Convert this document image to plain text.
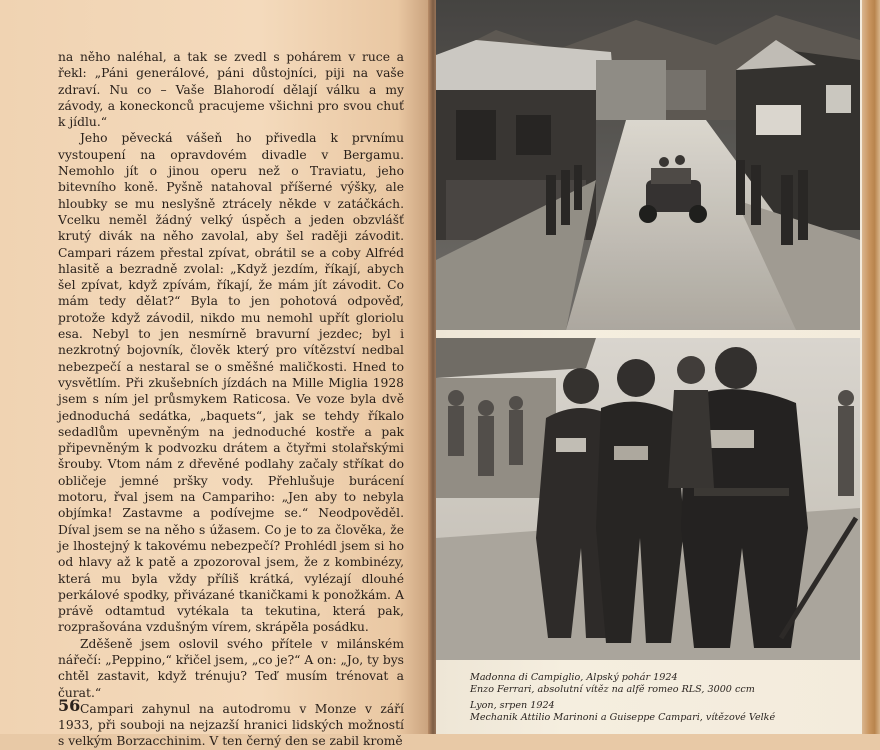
na něho naléhal, a tak se zvedl s pohárem v ruce a řekl: „Páni generálové, páni důstojníci, piji na vaše zdraví. Nu co – Vaše Blahorodí dělají válku a my závody, a koneckonců pracujeme všichni pro svou chuť k jídlu.“

Jeho pěvecká vášeň ho přivedla k prvnímu vystoupení na opravdovém divadle v Bergamu. Nemohlo jít o jinou operu než o Traviatu, jeho bitevního koně. Pyšně natahoval příšerné výšky, ale hloubky se mu neslyšně ztrácely někde v zatáčkách. Vcelku neměl žádný velký úspěch a jeden obzvlášť krutý divák na něho zavolal, aby šel raději závodit. Campari rázem přestal zpívat, obrátil se a coby Alfréd hlasitě a bezradně zvolal: „Když jezdím, říkají, abych šel zpívat, když zpívám, říkají, že mám jít závodit. Co mám tedy dělat?“ Byla to jen pohotová odpověď, protože když závodil, nikdo mu nemohl upřít gloriolu esa. Nebyl to jen nesmírně bravurní jezdec; byl i nezkrotný bojovník, člověk který pro vítězství nedbal nebezpečí a nestaral se o směšné maličkosti. Hned to vysvětlím. Při zkušebních jízdách na Mille Miglia 1928 jsem s ním jel průsmykem Raticosa. Ve voze byla dvě jednoduchá sedátka, „baquets“, jak se tehdy říkalo sedadlům upevněným na jednoduché kostře a pak připevněným k podvozku drátem a čtyřmi stolařskými šrouby. Vtom nám z dřevěné podlahy začaly stříkat do obličeje jemné pršky vody. Přehlušuje burácení motoru, řval jsem na Campariho: „Jen aby to nebyla objímka! Zastavme a podívejme se.“ Neodpověděl. Díval jsem se na něho s úžasem. Co je to za člověka, že je lhostejný k takovému nebezpečí? Prohlédl jsem si ho od hlavy až k patě a zpozoroval jsem, že z kombinézy, která mu byla vždy příliš krátká, vylézají dlouhé perkálové spodky, přivázané tkaničkami k ponožkám. A právě odtamtud vytékala ta tekutina, která pak, rozprašována vzdušným vírem, skrápěla posádku.

Zděšeně jsem oslovil svého přítele v milánském nářečí: „Peppino,“ křičel jsem, „co je?“ A on: „Jo, ty bys chtěl zastavit, když trénuju? Teď musím trénovat a čurat.“

Campari zahynul na autodromu v Monze v září 1933, při souboji na nejzazší hranici lidských možností s velkým Borzacchinim. V ten černý den se zabil kromě

56
Madonna di Campiglio, Alpský pohár 1924
Enzo Ferrari, absolutní vítěz na alfě romeo RLS, 3000 ccm
Lyon, srpen 1924
Mechanik Attilio Marinoni a Guiseppe Campari, vítězové Velké
